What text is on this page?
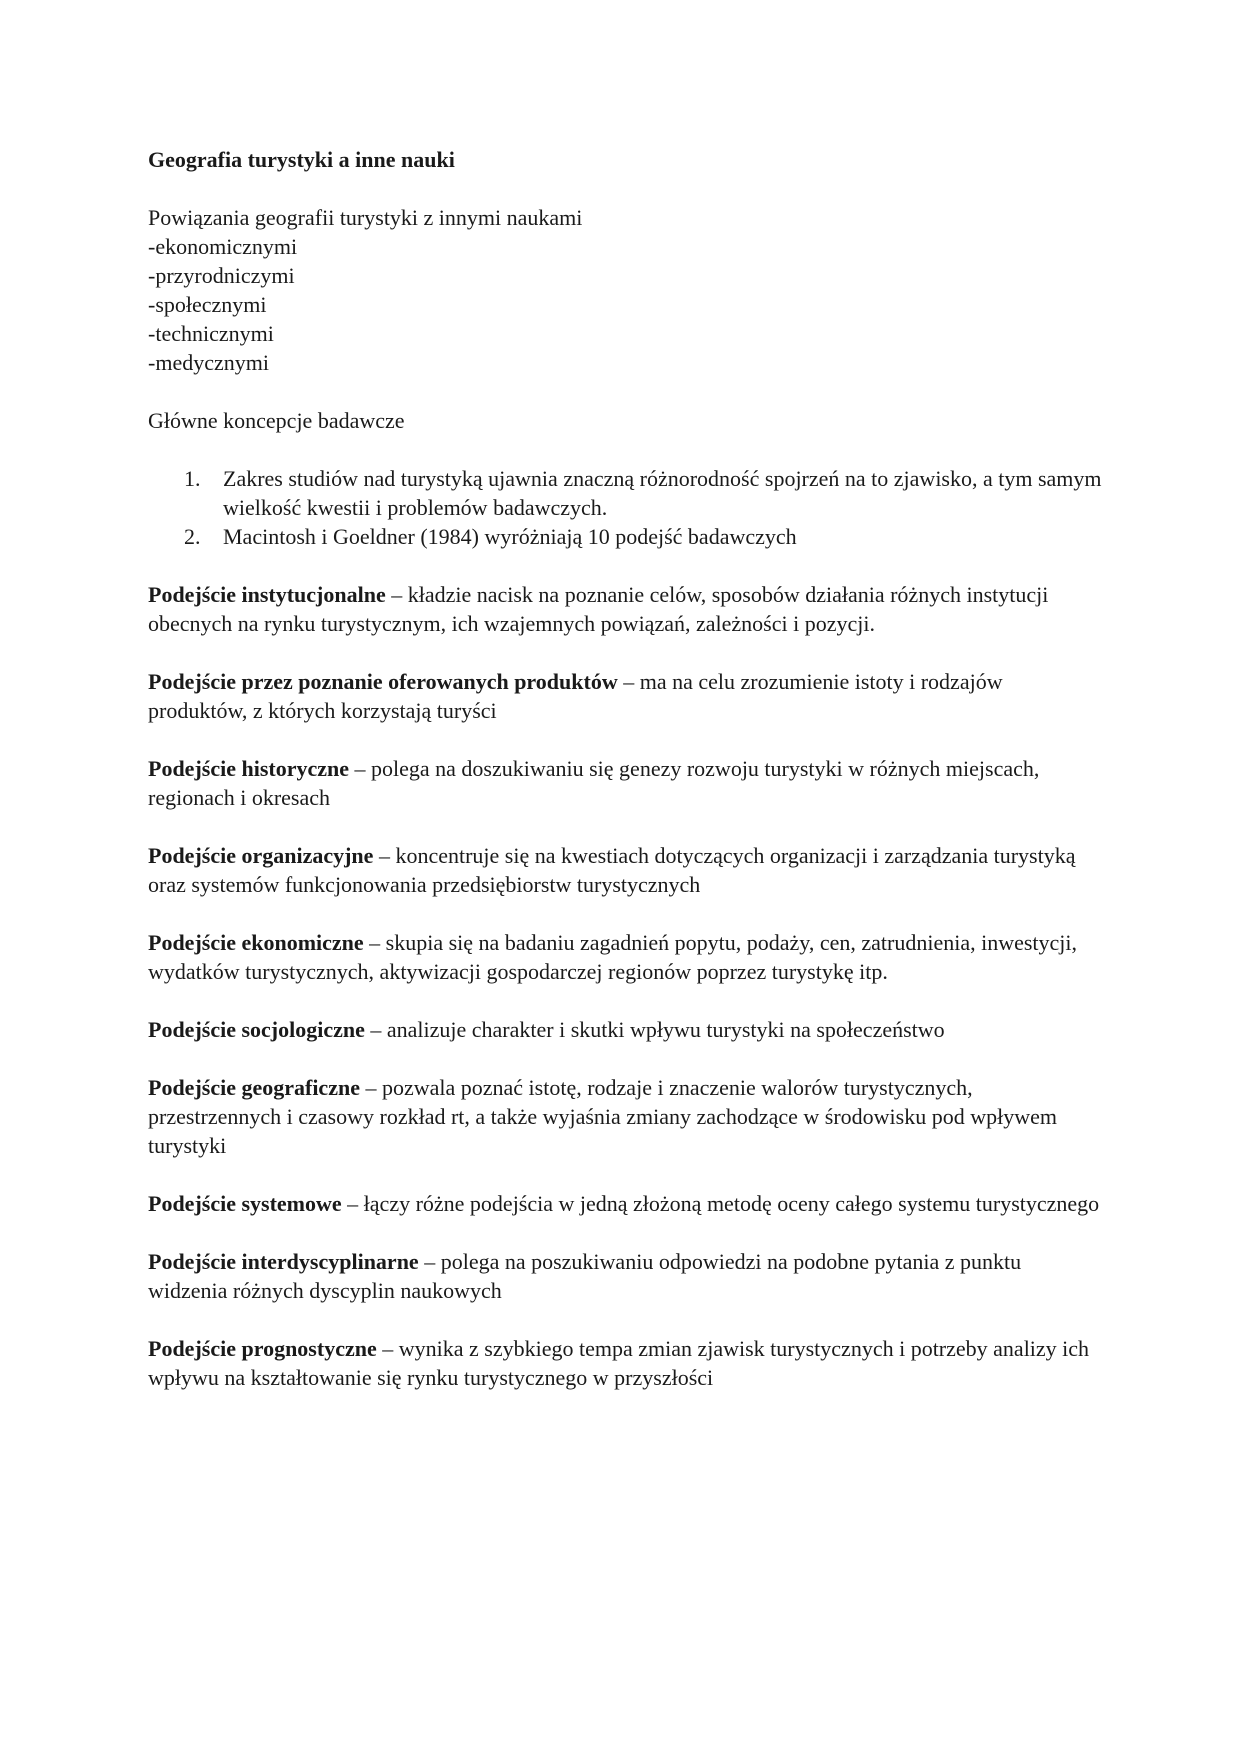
Geografia turystyki a inne nauki

Powiązania geografii turystyki z innymi naukami

-ekonomicznymi
-przyrodniczymi
-społecznymi
-technicznymi
-medycznymi

Główne koncepcje badawcze

1. Zakres studiów nad turystyką ujawnia znaczną różnorodność spojrzeń na to zjawisko, a tym samym wielkość kwestii i problemów badawczych.
2. Macintosh i Goeldner (1984) wyróżniają 10 podejść badawczych

Podejście instytucjonalne – kładzie nacisk na poznanie celów, sposobów działania różnych instytucji obecnych na rynku turystycznym, ich wzajemnych powiązań, zależności i pozycji.

Podejście przez poznanie oferowanych produktów – ma na celu zrozumienie istoty i rodzajów produktów, z których korzystają turyści

Podejście historyczne – polega na doszukiwaniu się genezy rozwoju turystyki w różnych miejscach, regionach i okresach

Podejście organizacyjne – koncentruje się na kwestiach dotyczących organizacji i zarządzania turystyką oraz systemów funkcjonowania przedsiębiorstw turystycznych

Podejście ekonomiczne – skupia się na badaniu zagadnień popytu, podaży, cen, zatrudnienia, inwestycji, wydatków turystycznych, aktywizacji gospodarczej regionów poprzez turystykę itp.

Podejście socjologiczne – analizuje charakter i skutki wpływu turystyki na społeczeństwo

Podejście geograficzne – pozwala poznać istotę, rodzaje i znaczenie walorów turystycznych, przestrzennych i czasowy rozkład rt, a także wyjaśnia zmiany zachodzące w środowisku pod wpływem turystyki

Podejście systemowe – łączy różne podejścia w jedną złożoną metodę oceny całego systemu turystycznego

Podejście interdyscyplinarne – polega na poszukiwaniu odpowiedzi na podobne pytania z punktu widzenia różnych dyscyplin naukowych

Podejście prognostyczne – wynika z szybkiego tempa zmian zjawisk turystycznych i potrzeby analizy ich wpływu na kształtowanie się rynku turystycznego w przyszłości
